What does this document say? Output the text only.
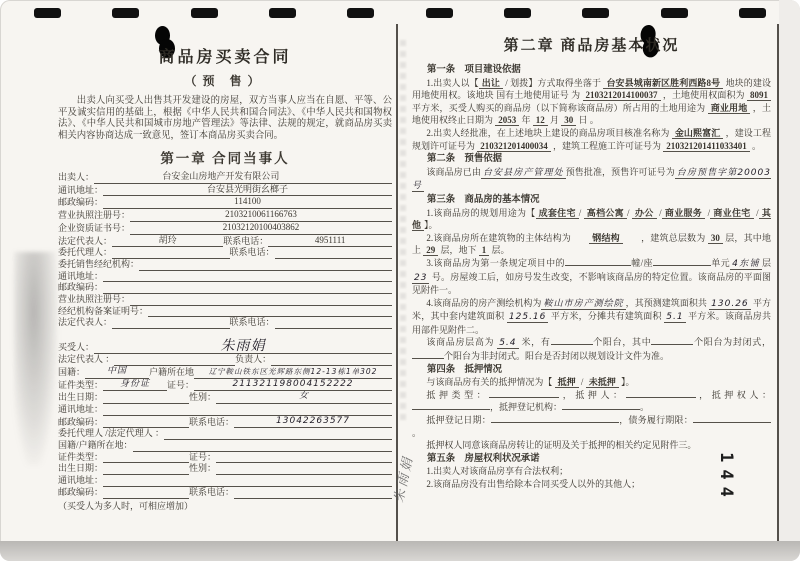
商品房买卖合同
（预 售）
出卖人向买受人出售其开发建设的房屋，双方当事人应当在自愿、平等、公平及诚实信用的基础上，根据《中华人民共和国合同法》、《中华人民共和国物权法》、《中华人民共和国城市房地产管理法》等法律、法规的规定，就商品房买卖相关内容协商达成一致意见，签订本商品房买卖合同。
第一章 合同当事人
出卖人：	台安金山房地产开发有限公司
通讯地址：	台安县光明街幺榔子
邮政编码：	114100
营业执照注册号：	2103210061166763
企业资质证书号：	21032120100403862
法定代表人：	胡玲	联系电话：	4951111
委托代理人：	联系电话：
委托销售经纪机构：
通讯地址：
邮政编码：
营业执照注册号：
经纪机构备案证明号：
法定代表人：	联系电话：
买受人：	朱雨娟
法定代表人 ：	负责人：
国籍：	中国	户籍所在地	辽宁鞍山铁东区光辉路东侧12-13栋1单302
证件类型：	身份证	证号：	211321198004152222
出生日期：	性别：	女
通讯地址：
邮政编码：	联系电话：	13042263577
委托代理人 /法定代理人 ：
国籍/户籍所在地：
证件类型：	证号：
出生日期：	性别：
通讯地址：
邮政编码：	联系电话：
（买受人为多人时，可相应增加）
第二章 商品房基本状况

第一条　项目建设依据

1.出卖人以【 出让 / 划拨】方式取得坐落于 台安县城南新区胜利西路8号 地块的建设用地使用权。该地块 国有土地使用证号 为 2103212014100037 ，土地使用权面积为 8091 平方米，买受人购买的商品房（以下简称该商品房）所占用的土地用途为 商业用地 ，土地使用权终止日期为 2053 年 12 月 30 日 。

2.出卖人经批准，在上述地块上建设的商品房项目核准名称为 金山熙富汇 ，建设工程规划许可证号为 210321201400034 ，建筑工程施工许可证号为 210321201411033401 。

第二条　预售依据

该商品房已由 台安县房产管理处 预售批准，预售许可证号为 台房预售字第20003号

第三条　商品房的基本情况

1.该商品房的规划用途为【 成套住宅 / 高档公寓 / 办公 / 商业服务 / 商业住宅 / 其他 】。

2.该商品房所在建筑物的主体结构为　　钢结构　　，建筑总层数为 30 层，其中地上 29 层，地下 1 层。

3.该商品房为第一条规定项目中的	幢/座	单元 4东铺 层 23 号。房屋竣工后，如房号发生改变，不影响该商品房的特定位置。该商品房的平面图见附件一。

4.该商品房的房产测绘机构为 鞍山市房产测绘院 ，其预测建筑面积共 130.26 平方米，其中套内建筑面积 125.16 平方米，分摊共有建筑面积 5.1 平方米。该商品房共用部件见附件二。

该商品房层高为 5.4 米，有	个阳台，其中	个阳台为封闭式，个阳台为非封闭式。阳台是否封闭以规划设计文件为准。

第四条　抵押情况

与该商品房有关的抵押情况为【 抵押 / 未抵押 】。

抵押类型：	，抵押人：	，抵押权人：，抵押登记机构：	。

抵押登记日期：	，债务履行期限：。

抵押权人同意该商品房转让的证明及关于抵押的相关约定见附件三。

第五条　房屋权利状况承诺

1.出卖人对该商品房享有合法权利；

2.该商品房没有出售给除本合同买受人以外的其他人；	144
朱雨娟
